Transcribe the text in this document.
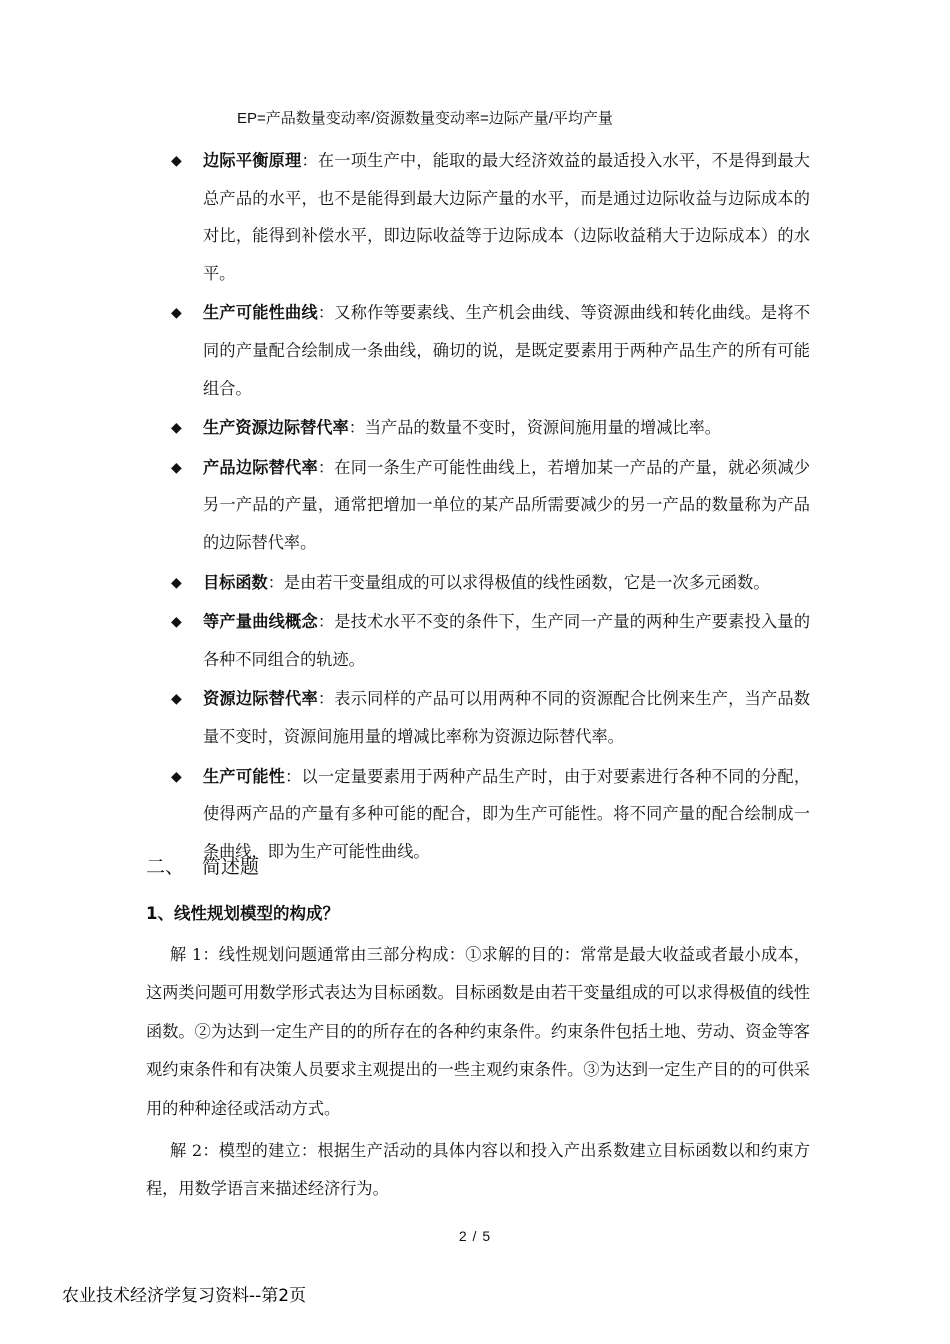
EP=产品数量变动率/资源数量变动率=边际产量/平均产量
◆	边际平衡原理：在一项生产中，能取的最大经济效益的最适投入水平，不是得到最大总产品的水平，也不是能得到最大边际产量的水平，而是通过边际收益与边际成本的对比，能得到补偿水平，即边际收益等于边际成本（边际收益稍大于边际成本）的水平。
◆	生产可能性曲线：又称作等要素线、生产机会曲线、等资源曲线和转化曲线。是将不同的产量配合绘制成一条曲线，确切的说，是既定要素用于两种产品生产的所有可能组合。
◆	生产资源边际替代率：当产品的数量不变时，资源间施用量的增减比率。
◆	产品边际替代率：在同一条生产可能性曲线上，若增加某一产品的产量，就必须减少另一产品的产量，通常把增加一单位的某产品所需要减少的另一产品的数量称为产品的边际替代率。
◆	目标函数：是由若干变量组成的可以求得极值的线性函数，它是一次多元函数。
◆	等产量曲线概念：是技术水平不变的条件下，生产同一产量的两种生产要素投入量的各种不同组合的轨迹。
◆	资源边际替代率：表示同样的产品可以用两种不同的资源配合比例来生产，当产品数量不变时，资源间施用量的增减比率称为资源边际替代率。
◆	生产可能性：以一定量要素用于两种产品生产时，由于对要素进行各种不同的分配，使得两产品的产量有多种可能的配合，即为生产可能性。将不同产量的配合绘制成一条曲线，即为生产可能性曲线。
二、 简述题
1、线性规划模型的构成？

解 1：线性规划问题通常由三部分构成：①求解的目的：常常是最大收益或者最小成本，这两类问题可用数学形式表达为目标函数。目标函数是由若干变量组成的可以求得极值的线性函数。②为达到一定生产目的的所存在的各种约束条件。约束条件包括土地、劳动、资金等客观约束条件和有决策人员要求主观提出的一些主观约束条件。③为达到一定生产目的的可供采用的种种途径或活动方式。

解 2：模型的建立：根据生产活动的具体内容以和投入产出系数建立目标函数以和约束方程，用数学语言来描述经济行为。

2 / 5
农业技术经济学复习资料--第2页
